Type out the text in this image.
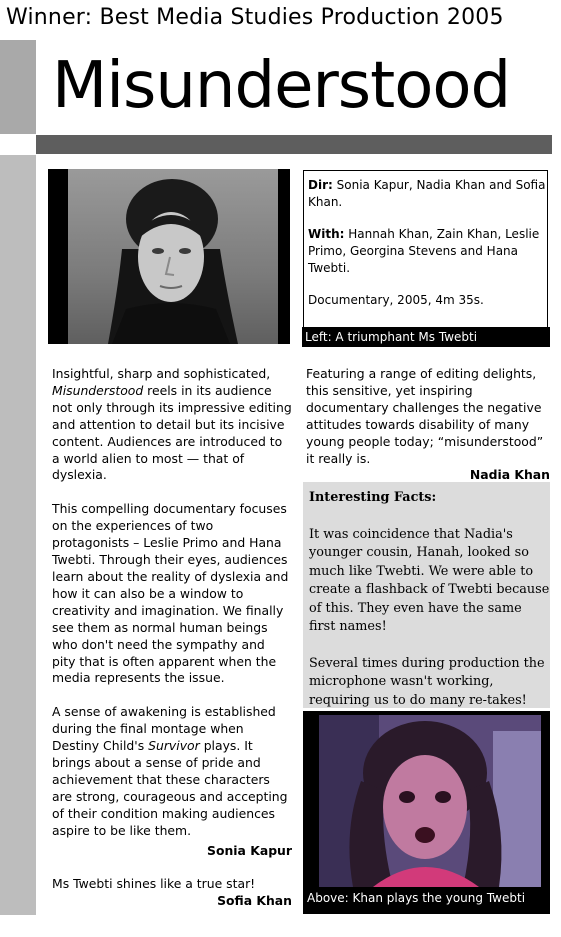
Winner: Best Media Studies Production 2005
Misunderstood

Dir: Sonia Kapur, Nadia Khan and Sofia Khan.

With: Hannah Khan, Zain Khan, Leslie Primo, Georgina Stevens and Hana Twebti.

Documentary, 2005, 4m 35s.

Left: A triumphant Ms Twebti

Insightful, sharp and sophisticated, Misunderstood reels in its audience not only through its impressive editing and attention to detail but its incisive content. Audiences are introduced to a world alien to most — that of dyslexia.

This compelling documentary focuses on the experiences of two protagonists – Leslie Primo and Hana Twebti. Through their eyes, audiences learn about the reality of dyslexia and how it can also be a window to creativity and imagination. We finally see them as normal human beings who don't need the sympathy and pity that is often apparent when the media represents the issue.

A sense of awakening is established during the final montage when Destiny Child's Survivor plays. It brings about a sense of pride and achievement that these characters are strong, courageous and accepting of their condition making audiences aspire to be like them.

Sonia Kapur

Ms Twebti shines like a true star!

Sofia Khan

Featuring a range of editing delights, this sensitive, yet inspiring documentary challenges the negative attitudes towards disability of many young people today; “misunderstood” it really is.

Nadia Khan

Interesting Facts:

It was coincidence that Nadia's younger cousin, Hanah, looked so much like Twebti. We were able to create a flashback of Twebti because of this. They even have the same first names!

Several times during production the microphone wasn't working, requiring us to do many re-takes!

Above: Khan plays the young Twebti
